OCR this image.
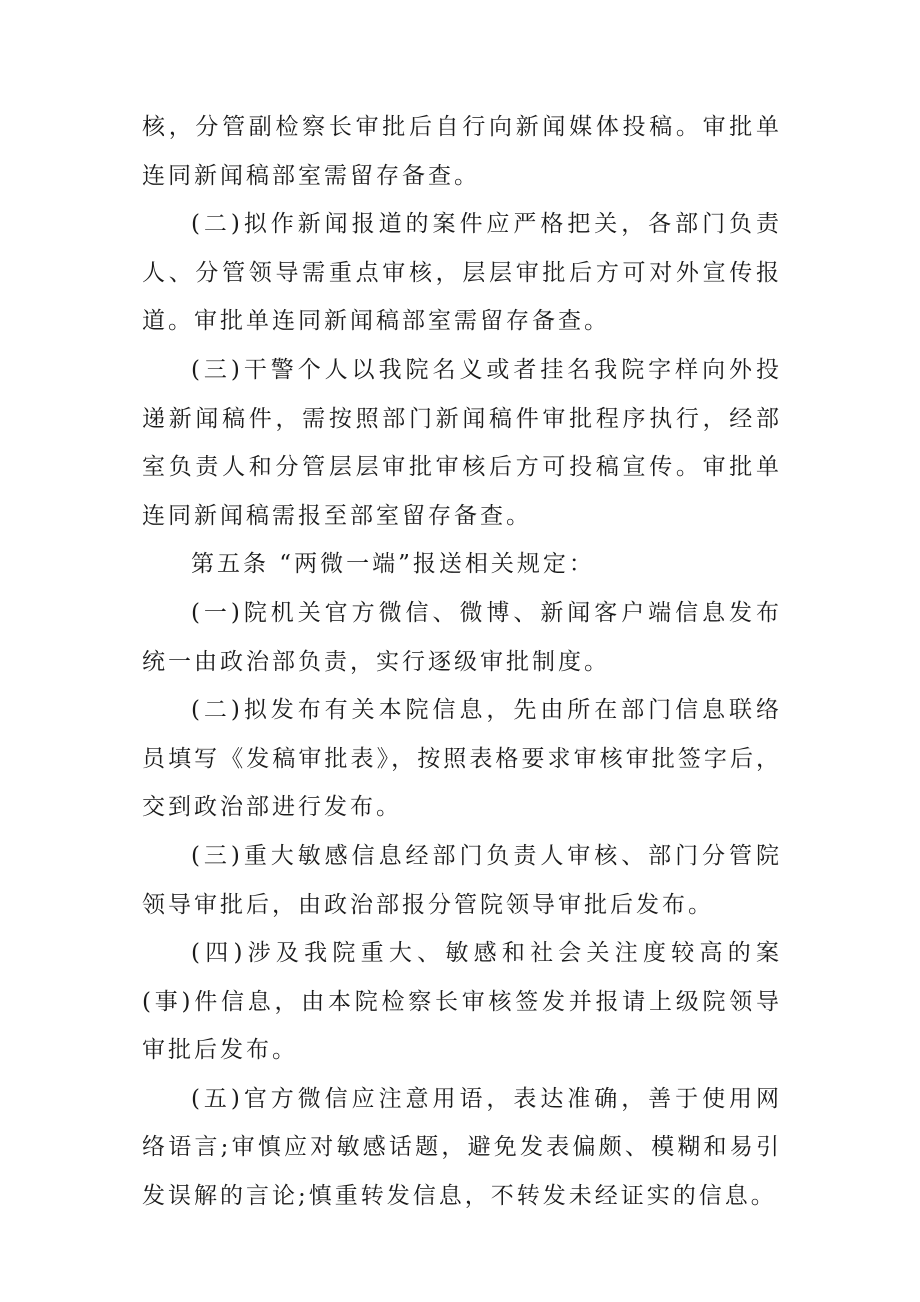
核，分管副检察长审批后自行向新闻媒体投稿。审批单连同新闻稿部室需留存备查。

(二)拟作新闻报道的案件应严格把关，各部门负责人、分管领导需重点审核，层层审批后方可对外宣传报道。审批单连同新闻稿部室需留存备查。

(三)干警个人以我院名义或者挂名我院字样向外投递新闻稿件，需按照部门新闻稿件审批程序执行，经部室负责人和分管层层审批审核后方可投稿宣传。审批单连同新闻稿需报至部室留存备查。

第五条 “两微一端”报送相关规定：

(一)院机关官方微信、微博、新闻客户端信息发布统一由政治部负责，实行逐级审批制度。

(二)拟发布有关本院信息，先由所在部门信息联络员填写《发稿审批表》，按照表格要求审核审批签字后，交到政治部进行发布。

(三)重大敏感信息经部门负责人审核、部门分管院领导审批后，由政治部报分管院领导审批后发布。

(四)涉及我院重大、敏感和社会关注度较高的案(事)件信息，由本院检察长审核签发并报请上级院领导审批后发布。

(五)官方微信应注意用语，表达准确，善于使用网络语言;审慎应对敏感话题，避免发表偏颇、模糊和易引发误解的言论;慎重转发信息，不转发未经证实的信息。
